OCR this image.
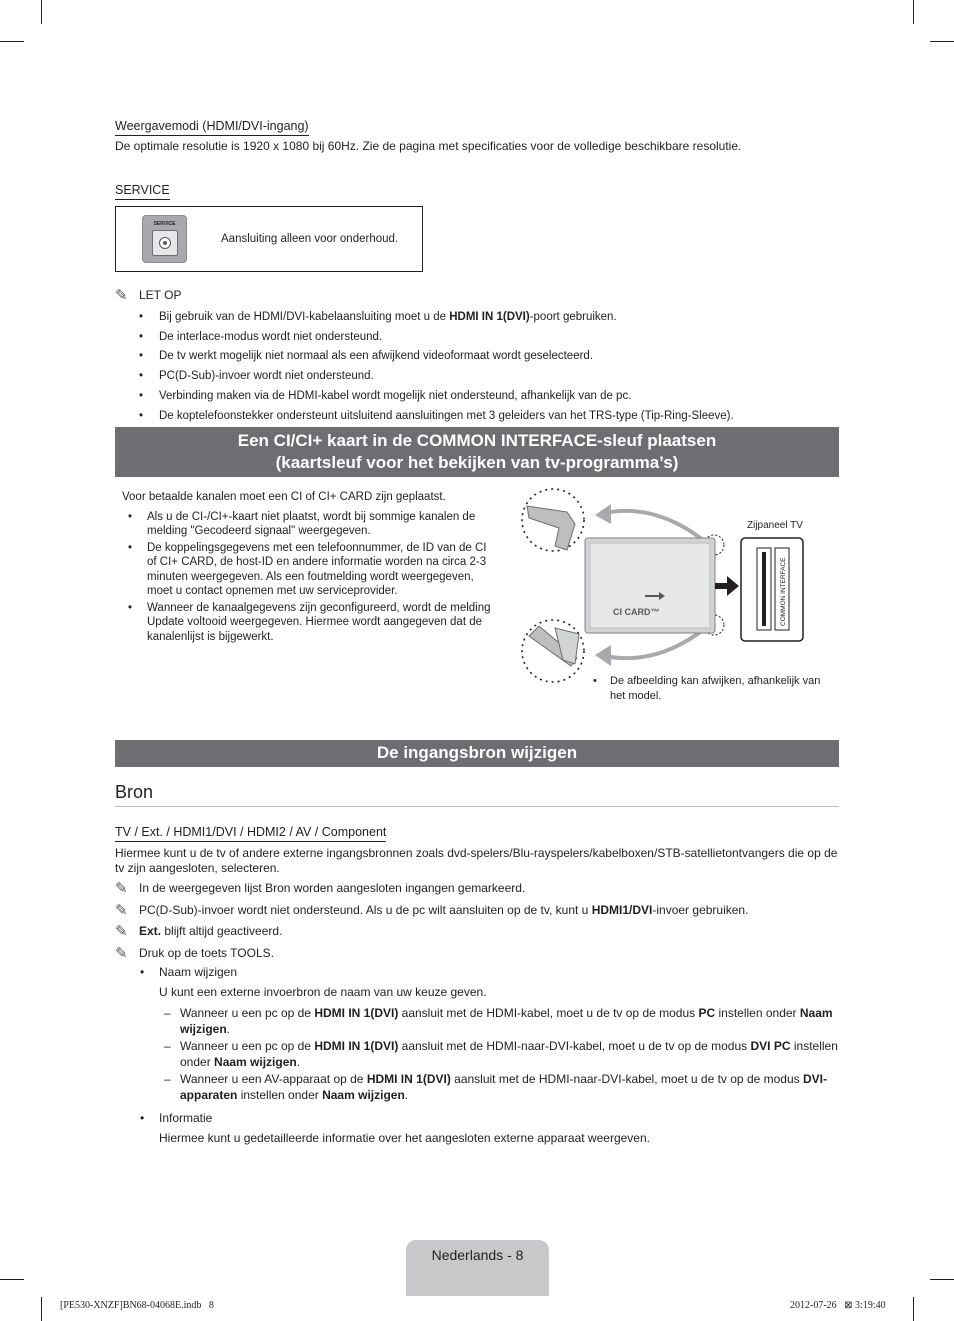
Weergavemodi (HDMI/DVI-ingang)
De optimale resolutie is 1920 x 1080 bij 60Hz. Zie de pagina met specificaties voor de volledige beschikbare resolutie.
SERVICE
SERVICE
Aansluiting alleen voor onderhoud.
✎ LET OP
• Bij gebruik van de HDMI/DVI-kabelaansluiting moet u de HDMI IN 1(DVI)-poort gebruiken.
• De interlace-modus wordt niet ondersteund.
• De tv werkt mogelijk niet normaal als een afwijkend videoformaat wordt geselecteerd.
• PC(D-Sub)-invoer wordt niet ondersteund.
• Verbinding maken via de HDMI-kabel wordt mogelijk niet ondersteund, afhankelijk van de pc.
• De koptelefoonstekker ondersteunt uitsluitend aansluitingen met 3 geleiders van het TRS-type (Tip-Ring-Sleeve).
Een CI/CI+ kaart in de COMMON INTERFACE-sleuf plaatsen
(kaartsleuf voor het bekijken van tv-programma’s)
Voor betaalde kanalen moet een CI of CI+ CARD zijn geplaatst.
• Als u de CI-/CI+-kaart niet plaatst, wordt bij sommige kanalen de melding "Gecodeerd signaal" weergegeven.
• De koppelingsgegevens met een telefoonnummer, de ID van de CI of CI+ CARD, de host-ID en andere informatie worden na circa 2-3 minuten weergegeven. Als een foutmelding wordt weergegeven, moet u contact opnemen met uw serviceprovider.
• Wanneer de kanaalgegevens zijn geconfigureerd, wordt de melding Update voltooid weergegeven. Hiermee wordt aangegeven dat de kanalenlijst is bijgewerkt.
CI CARD™	COMMON INTERFACE
Zijpaneel TV
• De afbeelding kan afwijken, afhankelijk van het model.
De ingangsbron wijzigen
Bron
TV / Ext. / HDMI1/DVI / HDMI2 / AV / Component
Hiermee kunt u de tv of andere externe ingangsbronnen zoals dvd-spelers/Blu-rayspelers/kabelboxen/STB-satellietontvangers die op de tv zijn aangesloten, selecteren.
✎ In de weergegeven lijst Bron worden aangesloten ingangen gemarkeerd.
✎ PC(D-Sub)-invoer wordt niet ondersteund. Als u de pc wilt aansluiten op de tv, kunt u HDMI1/DVI-invoer gebruiken.
✎ Ext. blijft altijd geactiveerd.
✎ Druk op de toets TOOLS.
• Naam wijzigen
U kunt een externe invoerbron de naam van uw keuze geven.
– Wanneer u een pc op de HDMI IN 1(DVI) aansluit met de HDMI-kabel, moet u de tv op de modus PC instellen onder Naam wijzigen.
– Wanneer u een pc op de HDMI IN 1(DVI) aansluit met de HDMI-naar-DVI-kabel, moet u de tv op de modus DVI PC instellen onder Naam wijzigen.
– Wanneer u een AV-apparaat op de HDMI IN 1(DVI) aansluit met de HDMI-naar-DVI-kabel, moet u de tv op de modus DVI-apparaten instellen onder Naam wijzigen.
• Informatie
Hiermee kunt u gedetailleerde informatie over het aangesloten externe apparaat weergeven.
Nederlands - 8
[PE530-XNZF]BN68-04068E.indb   8	2012-07-26   ⊠ 3:19:40
